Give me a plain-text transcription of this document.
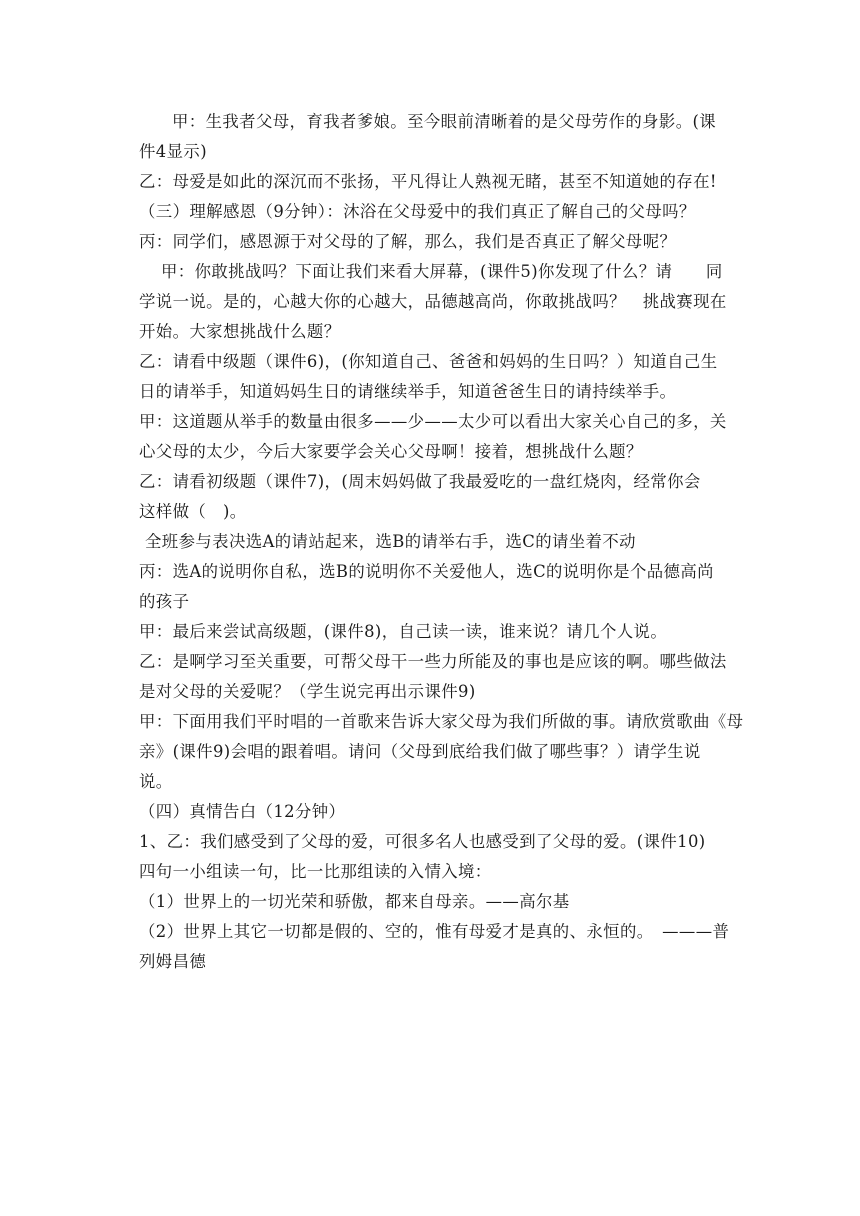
甲：生我者父母，育我者爹娘。至今眼前清晰着的是父母劳作的身影。(课
件4显示)
乙：母爱是如此的深沉而不张扬，平凡得让人熟视无睹，甚至不知道她的存在!
（三）理解感恩（9分钟）：沐浴在父母爱中的我们真正了解自己的父母吗？
丙：同学们，感恩源于对父母的了解，那么，我们是否真正了解父母呢？
甲：你敢挑战吗？下面让我们来看大屏幕，(课件5)你发现了什么？请　　同
学说一说。是的，心越大你的心越大，品德越高尚，你敢挑战吗？　挑战赛现在
开始。大家想挑战什么题？
乙：请看中级题（课件6)，(你知道自己、爸爸和妈妈的生日吗？）知道自己生
日的请举手，知道妈妈生日的请继续举手，知道爸爸生日的请持续举手。
甲：这道题从举手的数量由很多——少——太少可以看出大家关心自己的多，关
心父母的太少，今后大家要学会关心父母啊！接着，想挑战什么题？
乙：请看初级题（课件7)，(周末妈妈做了我最爱吃的一盘红烧肉，经常你会
这样做（　)。
全班参与表决选A的请站起来，选B的请举右手，选C的请坐着不动
丙：选A的说明你自私，选B的说明你不关爱他人，选C的说明你是个品德高尚
的孩子
甲：最后来尝试高级题，(课件8)，自己读一读，谁来说？请几个人说。
乙：是啊学习至关重要，可帮父母干一些力所能及的事也是应该的啊。哪些做法
是对父母的关爱呢？（学生说完再出示课件9)
甲：下面用我们平时唱的一首歌来告诉大家父母为我们所做的事。请欣赏歌曲《母
亲》(课件9)会唱的跟着唱。请问（父母到底给我们做了哪些事？）请学生说
说。
（四）真情告白（12分钟）
1、乙：我们感受到了父母的爱，可很多名人也感受到了父母的爱。(课件10)
四句一小组读一句，比一比那组读的入情入境：
（1）世界上的一切光荣和骄傲，都来自母亲。——高尔基
（2）世界上其它一切都是假的、空的，惟有母爱才是真的、永恒的。　———普
列姆昌德
